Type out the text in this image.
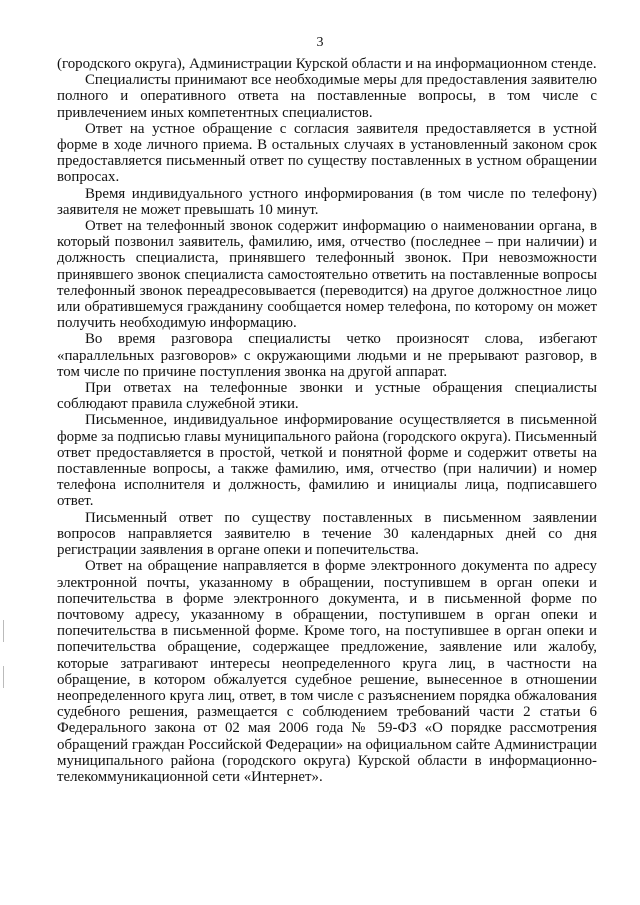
3

(городского округа), Администрации Курской области и на информационном стенде.

Специалисты принимают все необходимые меры для предоставления заявителю полного и оперативного ответа на поставленные вопросы, в том числе с привлечением иных компетентных специалистов.

Ответ на устное обращение с согласия заявителя предоставляется в устной форме в ходе личного приема. В остальных случаях в установленный законом срок предоставляется письменный ответ по существу поставленных в устном обращении вопросах.

Время индивидуального устного информирования (в том числе по телефону) заявителя не может превышать 10 минут.

Ответ на телефонный звонок содержит информацию о наименовании органа, в который позвонил заявитель, фамилию, имя, отчество (последнее – при наличии) и должность специалиста, принявшего телефонный звонок. При невозможности принявшего звонок специалиста самостоятельно ответить на поставленные вопросы телефонный звонок переадресовывается (переводится) на другое должностное лицо или обратившемуся гражданину сообщается номер телефона, по которому он может получить необходимую информацию.

Во время разговора специалисты четко произносят слова, избегают «параллельных разговоров» с окружающими людьми и не прерывают разговор, в том числе по причине поступления звонка на другой аппарат.

При ответах на телефонные звонки и устные обращения специалисты соблюдают правила служебной этики.

Письменное, индивидуальное информирование осуществляется в письменной форме за подписью главы муниципального района (городского округа). Письменный ответ предоставляется в простой, четкой и понятной форме и содержит ответы на поставленные вопросы, а также фамилию, имя, отчество (при наличии) и номер телефона исполнителя и должность, фамилию и инициалы лица, подписавшего ответ.

Письменный ответ по существу поставленных в письменном заявлении вопросов направляется заявителю в течение 30 календарных дней со дня регистрации заявления в органе опеки и попечительства.

Ответ на обращение направляется в форме электронного документа по адресу электронной почты, указанному в обращении, поступившем в орган опеки и попечительства в форме электронного документа, и в письменной форме по почтовому адресу, указанному в обращении, поступившем в орган опеки и попечительства в письменной форме. Кроме того, на поступившее в орган опеки и попечительства обращение, содержащее предложение, заявление или жалобу, которые затрагивают интересы неопределенного круга лиц, в частности на обращение, в котором обжалуется судебное решение, вынесенное в отношении неопределенного круга лиц, ответ, в том числе с разъяснением порядка обжалования судебного решения, размещается с соблюдением требований части 2 статьи 6 Федерального закона от 02 мая 2006 года № 59-ФЗ «О порядке рассмотрения обращений граждан Российской Федерации» на официальном сайте Администрации муниципального района (городского округа) Курской области в информационно-телекоммуникационной сети «Интернет».
